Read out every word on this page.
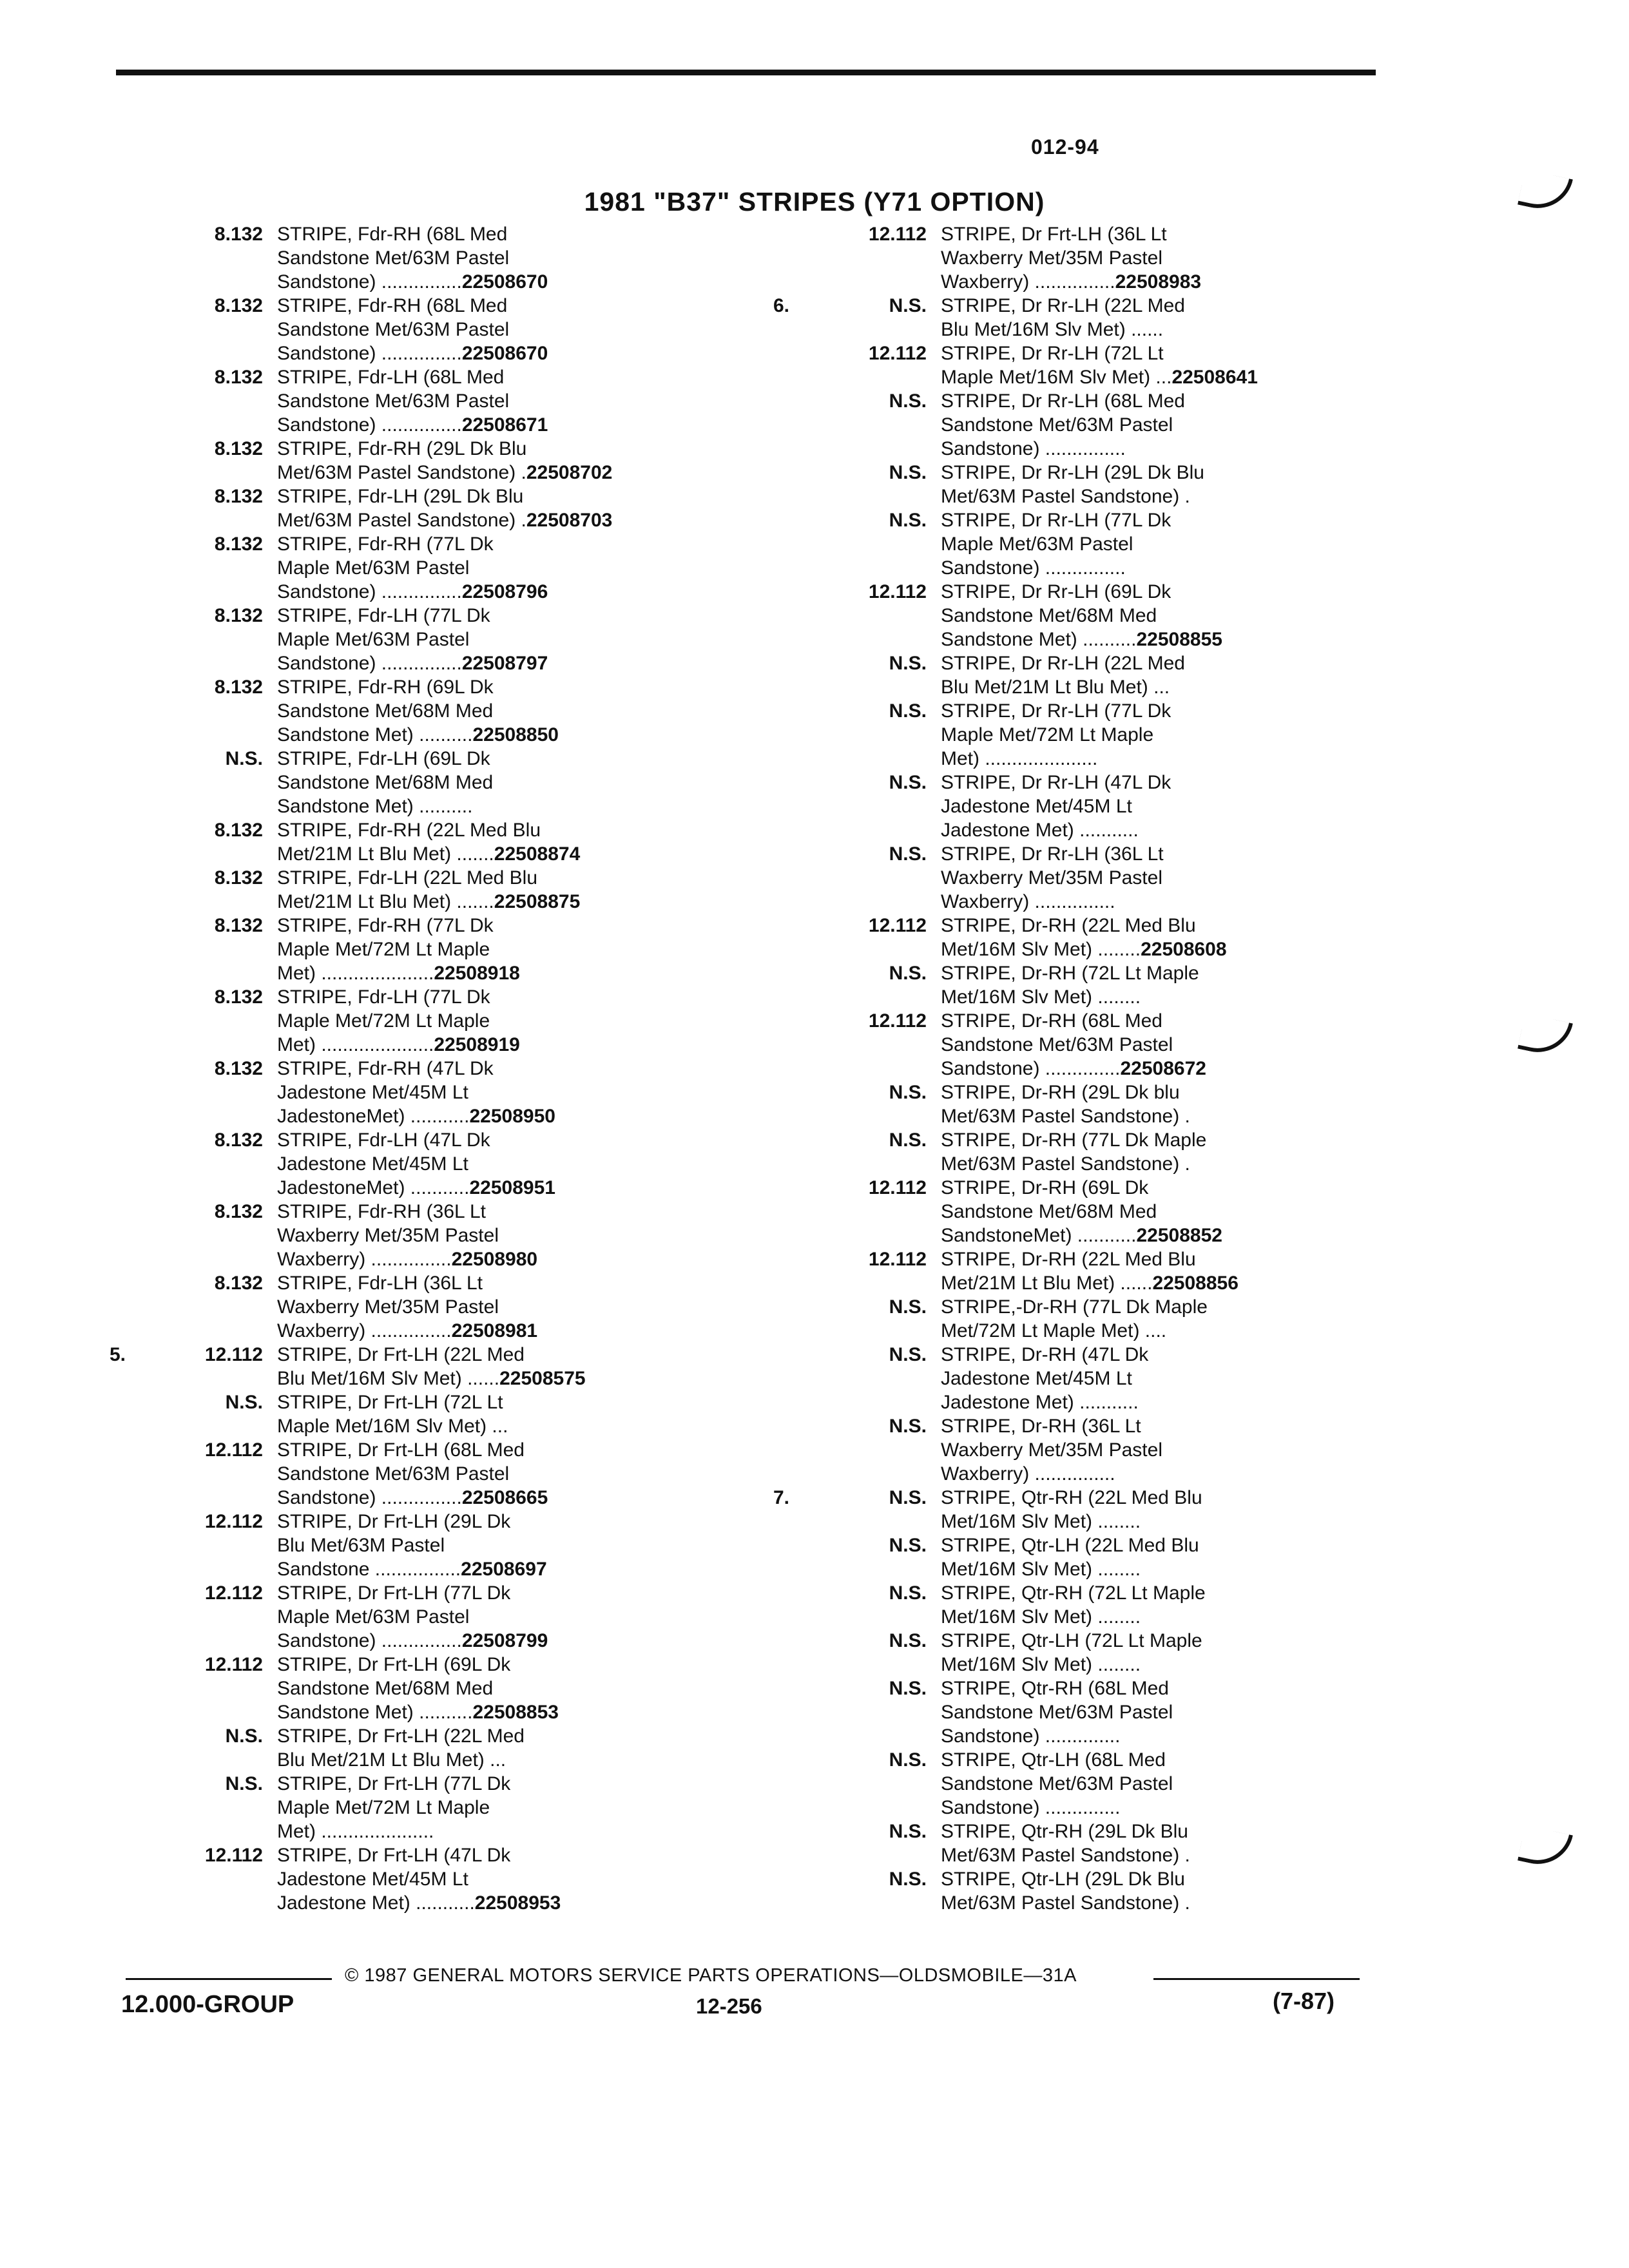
012-94
1981 "B37" STRIPES (Y71 OPTION)
8.132 STRIPE, Fdr-RH (68L Med
Sandstone Met/63M Pastel
Sandstone) ...............22508670
8.132 STRIPE, Fdr-RH (68L Med
Sandstone Met/63M Pastel
Sandstone) ...............22508670
8.132 STRIPE, Fdr-LH (68L Med
Sandstone Met/63M Pastel
Sandstone) ...............22508671
8.132 STRIPE, Fdr-RH (29L Dk Blu
Met/63M Pastel Sandstone) .22508702
8.132 STRIPE, Fdr-LH (29L Dk Blu
Met/63M Pastel Sandstone) .22508703
8.132 STRIPE, Fdr-RH (77L Dk
Maple Met/63M Pastel
Sandstone) ...............22508796
8.132 STRIPE, Fdr-LH (77L Dk
Maple Met/63M Pastel
Sandstone) ...............22508797
8.132 STRIPE, Fdr-RH (69L Dk
Sandstone Met/68M Med
Sandstone Met) ..........22508850
N.S. STRIPE, Fdr-LH (69L Dk
Sandstone Met/68M Med
Sandstone Met) ..........
8.132 STRIPE, Fdr-RH (22L Med Blu
Met/21M Lt Blu Met) .......22508874
8.132 STRIPE, Fdr-LH (22L Med Blu
Met/21M Lt Blu Met) .......22508875
8.132 STRIPE, Fdr-RH (77L Dk
Maple Met/72M Lt Maple
Met) .....................22508918
8.132 STRIPE, Fdr-LH (77L Dk
Maple Met/72M Lt Maple
Met) .....................22508919
8.132 STRIPE, Fdr-RH (47L Dk
Jadestone Met/45M Lt
JadestoneMet) ...........22508950
8.132 STRIPE, Fdr-LH (47L Dk
Jadestone Met/45M Lt
JadestoneMet) ...........22508951
8.132 STRIPE, Fdr-RH (36L Lt
Waxberry Met/35M Pastel
Waxberry) ...............22508980
8.132 STRIPE, Fdr-LH (36L Lt
Waxberry Met/35M Pastel
Waxberry) ...............22508981
5.	12.112 STRIPE, Dr Frt-LH (22L Med
Blu Met/16M Slv Met) ......22508575
N.S. STRIPE, Dr Frt-LH (72L Lt
Maple Met/16M Slv Met) ...
12.112 STRIPE, Dr Frt-LH (68L Med
Sandstone Met/63M Pastel
Sandstone) ...............22508665
12.112 STRIPE, Dr Frt-LH (29L Dk
Blu Met/63M Pastel
Sandstone ................22508697
12.112 STRIPE, Dr Frt-LH (77L Dk
Maple Met/63M Pastel
Sandstone) ...............22508799
12.112 STRIPE, Dr Frt-LH (69L Dk
Sandstone Met/68M Med
Sandstone Met) ..........22508853
N.S. STRIPE, Dr Frt-LH (22L Med
Blu Met/21M Lt Blu Met) ...
N.S. STRIPE, Dr Frt-LH (77L Dk
Maple Met/72M Lt Maple
Met) .....................
12.112 STRIPE, Dr Frt-LH (47L Dk
Jadestone Met/45M Lt
Jadestone Met) ...........22508953
12.112 STRIPE, Dr Frt-LH (36L Lt
Waxberry Met/35M Pastel
Waxberry) ...............22508983
6.	N.S. STRIPE, Dr Rr-LH (22L Med
Blu Met/16M Slv Met) ......
12.112 STRIPE, Dr Rr-LH (72L Lt
Maple Met/16M Slv Met) ...22508641
N.S. STRIPE, Dr Rr-LH (68L Med
Sandstone Met/63M Pastel
Sandstone) ...............
N.S. STRIPE, Dr Rr-LH (29L Dk Blu
Met/63M Pastel Sandstone) .
N.S. STRIPE, Dr Rr-LH (77L Dk
Maple Met/63M Pastel
Sandstone) ...............
12.112 STRIPE, Dr Rr-LH (69L Dk
Sandstone Met/68M Med
Sandstone Met) ..........22508855
N.S. STRIPE, Dr Rr-LH (22L Med
Blu Met/21M Lt Blu Met) ...
N.S. STRIPE, Dr Rr-LH (77L Dk
Maple Met/72M Lt Maple
Met) .....................
N.S. STRIPE, Dr Rr-LH (47L Dk
Jadestone Met/45M Lt
Jadestone Met) ...........
N.S. STRIPE, Dr Rr-LH (36L Lt
Waxberry Met/35M Pastel
Waxberry) ...............
12.112 STRIPE, Dr-RH (22L Med Blu
Met/16M Slv Met) ........22508608
N.S. STRIPE, Dr-RH (72L Lt Maple
Met/16M Slv Met) ........
12.112 STRIPE, Dr-RH (68L Med
Sandstone Met/63M Pastel
Sandstone) ..............22508672
N.S. STRIPE, Dr-RH (29L Dk blu
Met/63M Pastel Sandstone) .
N.S. STRIPE, Dr-RH (77L Dk Maple
Met/63M Pastel Sandstone) .
12.112 STRIPE, Dr-RH (69L Dk
Sandstone Met/68M Med
SandstoneMet) ...........22508852
12.112 STRIPE, Dr-RH (22L Med Blu
Met/21M Lt Blu Met) ......22508856
N.S. STRIPE,-Dr-RH (77L Dk Maple
Met/72M Lt Maple Met) ....
N.S. STRIPE, Dr-RH (47L Dk
Jadestone Met/45M Lt
Jadestone Met) ...........
N.S. STRIPE, Dr-RH (36L Lt
Waxberry Met/35M Pastel
Waxberry) ...............
7.	N.S. STRIPE, Qtr-RH (22L Med Blu
Met/16M Slv Met) ........
N.S. STRIPE, Qtr-LH (22L Med Blu
Met/16M Slv Met) ........
N.S. STRIPE, Qtr-RH (72L Lt Maple
Met/16M Slv Met) ........
N.S. STRIPE, Qtr-LH (72L Lt Maple
Met/16M Slv Met) ........
N.S. STRIPE, Qtr-RH (68L Med
Sandstone Met/63M Pastel
Sandstone) ..............
N.S. STRIPE, Qtr-LH (68L Med
Sandstone Met/63M Pastel
Sandstone) ..............
N.S. STRIPE, Qtr-RH (29L Dk Blu
Met/63M Pastel Sandstone) .
N.S. STRIPE, Qtr-LH (29L Dk Blu
Met/63M Pastel Sandstone) .
© 1987 GENERAL MOTORS SERVICE PARTS OPERATIONS—OLDSMOBILE—31A
12.000-GROUP	12-256	(7-87)
